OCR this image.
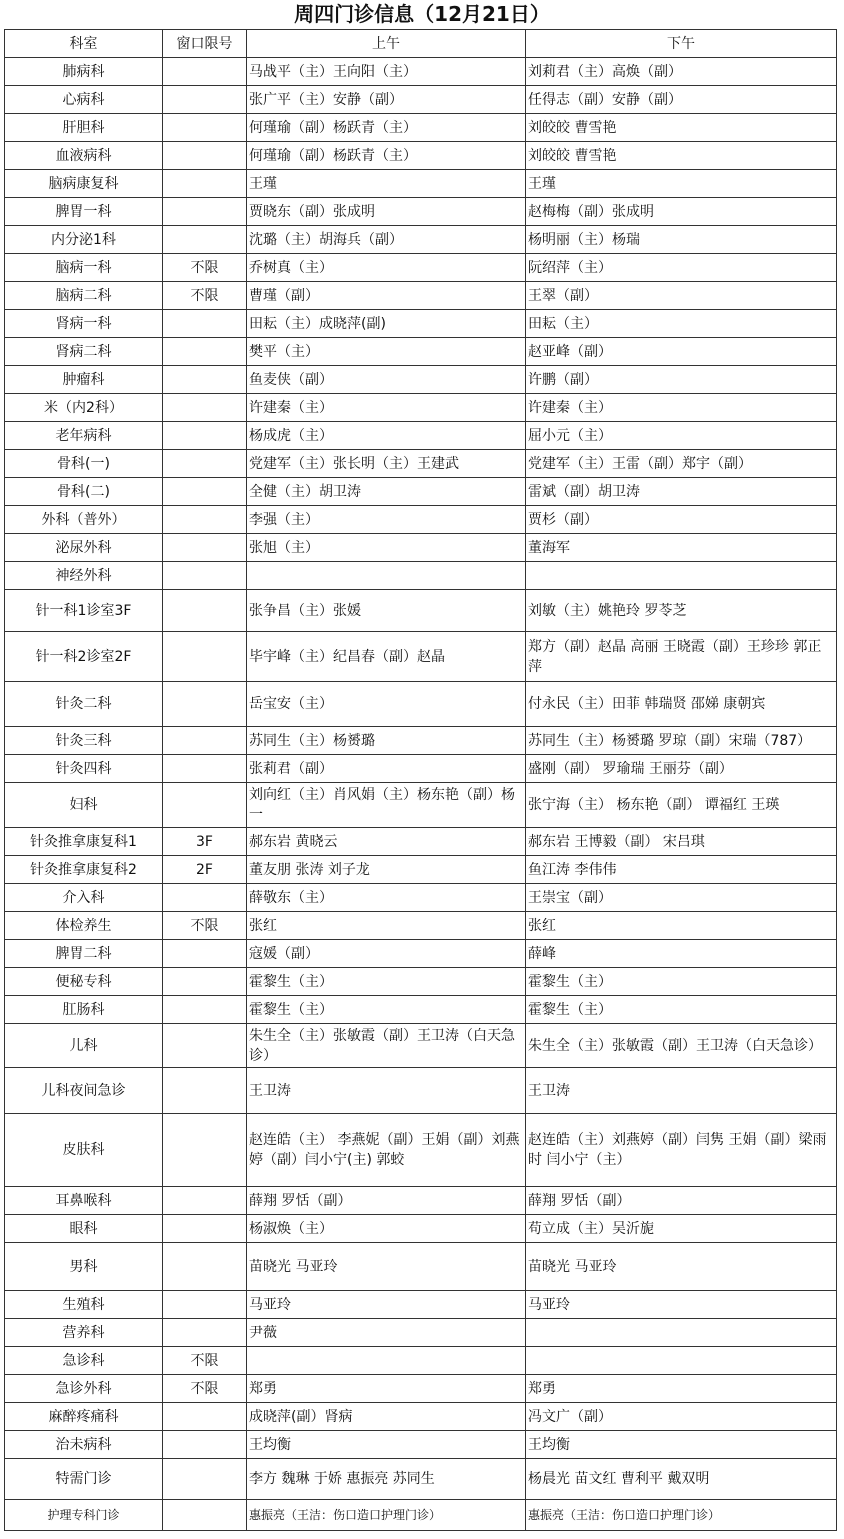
周四门诊信息（12月21日）
科室	窗口限号	上午	下午
肺病科		马战平（主）王向阳（主）	刘莉君（主）高焕（副）
心病科		张广平（主）安静（副）	任得志（副）安静（副）
肝胆科		何瑾瑜（副）杨跃青（主）	刘皎皎 曹雪艳
血液病科		何瑾瑜（副）杨跃青（主）	刘皎皎 曹雪艳
脑病康复科		王瑾	王瑾
脾胃一科		贾晓东（副）张成明	赵梅梅（副）张成明
内分泌1科		沈璐（主）胡海兵（副）	杨明丽（主）杨瑞
脑病一科	不限	乔树真（主）	阮绍萍（主）
脑病二科	不限	曹瑾（副）	王翠（副）
肾病一科		田耘（主）成晓萍(副)	田耘（主）
肾病二科		樊平（主）	赵亚峰（副）
肿瘤科		鱼麦侠（副）	许鹏（副）
米（内2科）		许建秦（主）	许建秦（主）
老年病科		杨成虎（主）	屈小元（主）
骨科(一)		党建军（主）张长明（主）王建武	党建军（主）王雷（副）郑宇（副）
骨科(二)		全健（主）胡卫涛	雷斌（副）胡卫涛
外科（普外）		李强（主）	贾杉（副）
泌尿外科		张旭（主）	董海军
神经外科			
针一科1诊室3F		张争昌（主）张媛	刘敏（主）姚艳玲 罗苓芝
针一科2诊室2F		毕宇峰（主）纪昌春（副）赵晶	郑方（副）赵晶 高丽 王晓霞（副）王珍珍 郭正萍
针灸二科		岳宝安（主）	付永民（主）田菲 韩瑞贤 邵娣 康朝宾
针灸三科		苏同生（主）杨赟璐	苏同生（主）杨赟璐 罗琼（副）宋瑞（787）
针灸四科		张莉君（副）	盛刚（副） 罗瑜瑞 王丽芬（副）
妇科		刘向红（主）肖风娟（主）杨东艳（副）杨一	张宁海（主） 杨东艳（副） 谭福红 王瑛
针灸推拿康复科1	3F	郝东岩 黄晓云	郝东岩 王博毅（副） 宋吕琪
针灸推拿康复科2	2F	董友朋 张涛 刘子龙	鱼江涛 李伟伟
介入科		薛敬东（主）	王崇宝（副）
体检养生	不限	张红	张红
脾胃二科		寇媛（副）	薛峰
便秘专科		霍黎生（主）	霍黎生（主）
肛肠科		霍黎生（主）	霍黎生（主）
儿科		朱生全（主）张敏霞（副）王卫涛（白天急诊）	朱生全（主）张敏霞（副）王卫涛（白天急诊）
儿科夜间急诊		王卫涛	王卫涛
皮肤科		赵连皓（主） 李燕妮（副）王娟（副）刘燕婷（副）闫小宁(主) 郭蛟	赵连皓（主）刘燕婷（副）闫隽 王娟（副）梁雨时 闫小宁（主）
耳鼻喉科		薛翔 罗恬（副）	薛翔 罗恬（副）
眼科		杨淑焕（主）	苟立成（主）吴沂旎
男科		苗晓光 马亚玲	苗晓光 马亚玲
生殖科		马亚玲	马亚玲
营养科		尹薇	
急诊科	不限		
急诊外科	不限	郑勇	郑勇
麻醉疼痛科		成晓萍(副）肾病	冯文广（副）
治未病科		王均衡	王均衡
特需门诊		李方 魏琳 于娇 惠振亮 苏同生	杨晨光 苗文红 曹利平 戴双明
护理专科门诊		惠振亮（王洁：伤口造口护理门诊）	惠振亮（王洁：伤口造口护理门诊）
